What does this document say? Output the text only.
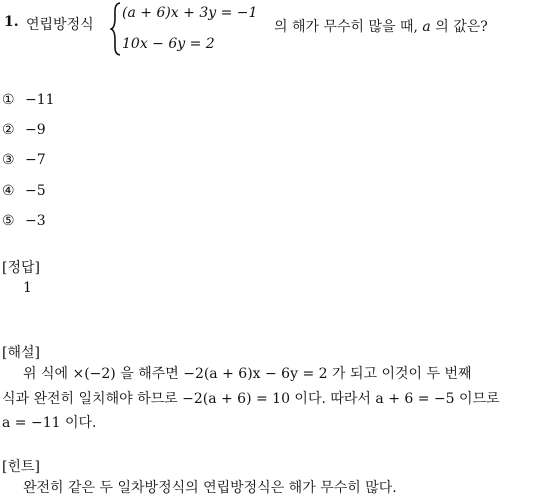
1. 연립방정식
(a + 6)x + 3y = −1
10x − 6y = 2
의 해가 무수히 많을 때, a 의 값은?
① −11
② −9
③ −7
④ −5
⑤ −3
[정답]
1
[해설]
위 식에 ×(−2) 을 해주면 −2(a + 6)x − 6y = 2 가 되고 이것이 두 번째
식과 완전히 일치해야 하므로 −2(a + 6) = 10 이다. 따라서 a + 6 = −5 이므로
a = −11 이다.
[힌트]
완전히 같은 두 일차방정식의 연립방정식은 해가 무수히 많다.
